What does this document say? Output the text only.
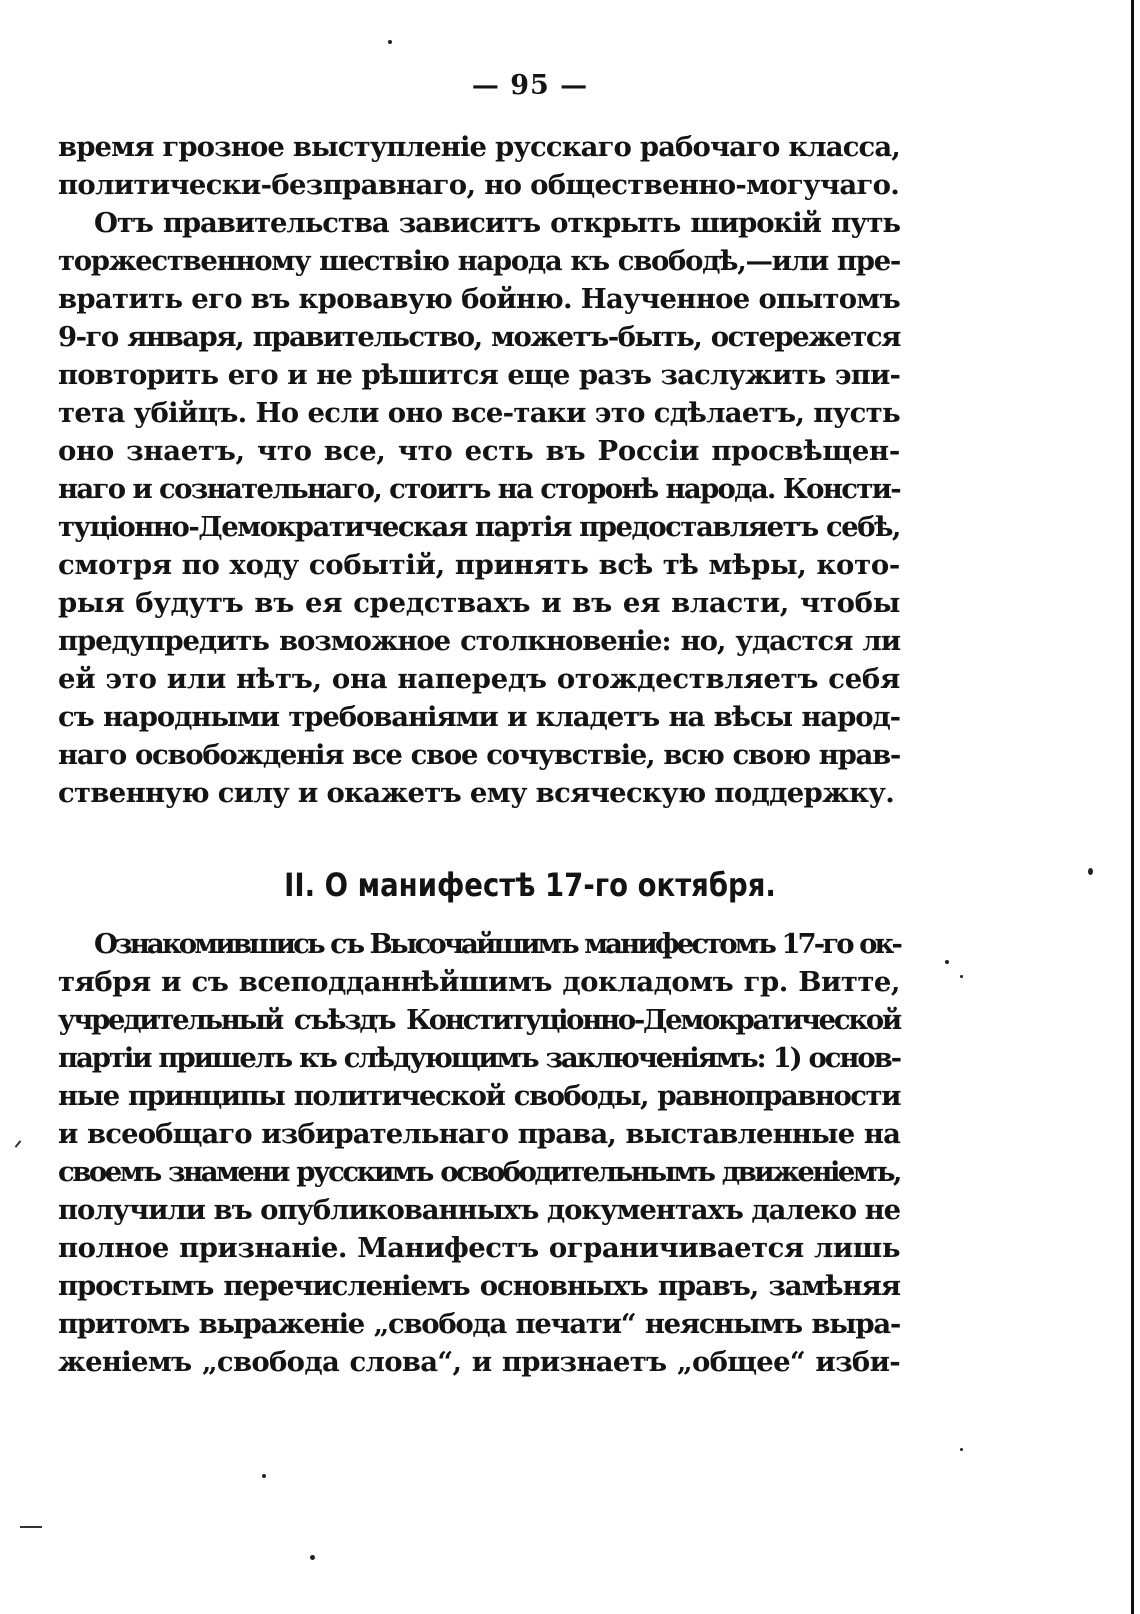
— 95 —
время грозное выступленіе русскаго рабочаго класса,
политически-безправнаго, но общественно-могучаго.
Отъ правительства зависитъ открыть широкій путь
торжественному шествію народа къ свободѣ,—или пре-
вратить его въ кровавую бойню. Наученное опытомъ
9-го января, правительство, можетъ-быть, остережется
повторить его и не рѣшится еще разъ заслужить эпи-
тета убійцъ. Но если оно все-таки это сдѣлаетъ, пусть
оно знаетъ, что все, что есть въ Россіи просвѣщен-
наго и сознательнаго, стоитъ на сторонѣ народа. Консти-
туціонно-Демократическая партія предоставляетъ себѣ,
смотря по ходу событій, принять всѣ тѣ мѣры, кото-
рыя будутъ въ ея средствахъ и въ ея власти, чтобы
предупредить возможное столкновеніе: но, удастся ли
ей это или нѣтъ, она напередъ отождествляетъ себя
съ народными требованіями и кладетъ на вѣсы народ-
наго освобожденія все свое сочувствіе, всю свою нрав-
ственную силу и окажетъ ему всяческую поддержку.
II. О манифестѣ 17-го октября.
Ознакомившись съ Высочайшимъ манифестомъ 17-го ок-
тября и съ всеподданнѣйшимъ докладомъ гр. Витте,
учредительный съѣздъ Конституціонно-Демократической
партіи пришелъ къ слѣдующимъ заключеніямъ: 1) основ-
ные принципы политической свободы, равноправности
и всеобщаго избирательнаго права, выставленные на
своемъ знамени русскимъ освободительнымъ движеніемъ,
получили въ опубликованныхъ документахъ далеко не
полное признаніе. Манифестъ ограничивается лишь
простымъ перечисленіемъ основныхъ правъ, замѣняя
притомъ выраженіе „свобода печати“ неяснымъ выра-
женіемъ „свобода слова“, и признаетъ „общее“ изби-
